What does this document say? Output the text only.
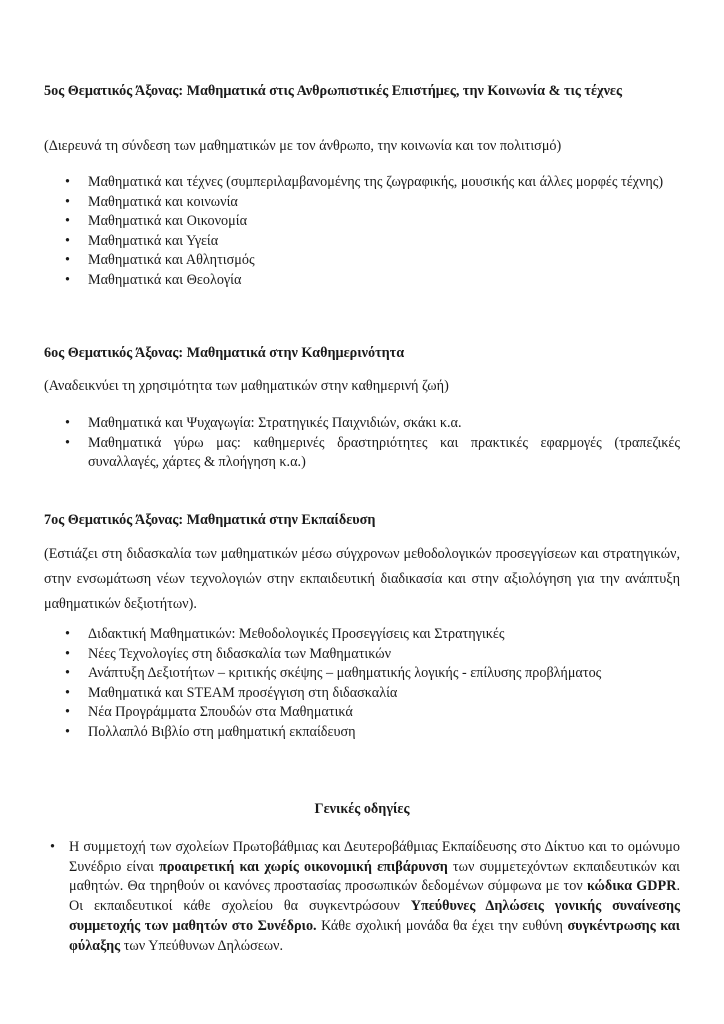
5ος Θεματικός Άξονας: Μαθηματικά στις Ανθρωπιστικές Επιστήμες, την Κοινωνία & τις τέχνες
(Διερευνά τη σύνδεση των μαθηματικών με τον άνθρωπο, την κοινωνία και τον πολιτισμό)
• Μαθηματικά και τέχνες (συμπεριλαμβανομένης της ζωγραφικής, μουσικής και άλλες μορφές τέχνης)
• Μαθηματικά και κοινωνία
• Μαθηματικά και Οικονομία
• Μαθηματικά και Υγεία
• Μαθηματικά και Αθλητισμός
• Μαθηματικά και Θεολογία
6ος Θεματικός Άξονας: Μαθηματικά στην Καθημερινότητα
(Αναδεικνύει τη χρησιμότητα των μαθηματικών στην καθημερινή ζωή)
• Μαθηματικά και Ψυχαγωγία: Στρατηγικές Παιχνιδιών, σκάκι κ.α.
• Μαθηματικά γύρω μας: καθημερινές δραστηριότητες και πρακτικές εφαρμογές (τραπεζικές συναλλαγές, χάρτες & πλοήγηση κ.α.)
7ος Θεματικός Άξονας: Μαθηματικά στην Εκπαίδευση
(Εστιάζει στη διδασκαλία των μαθηματικών μέσω σύγχρονων μεθοδολογικών προσεγγίσεων και στρατηγικών, στην ενσωμάτωση νέων τεχνολογιών στην εκπαιδευτική διαδικασία και στην αξιολόγηση για την ανάπτυξη μαθηματικών δεξιοτήτων).
• Διδακτική Μαθηματικών: Μεθοδολογικές Προσεγγίσεις και Στρατηγικές
• Νέες Τεχνολογίες στη διδασκαλία των Μαθηματικών
• Ανάπτυξη Δεξιοτήτων – κριτικής σκέψης – μαθηματικής λογικής - επίλυσης προβλήματος
• Μαθηματικά και STEAM προσέγγιση στη διδασκαλία
• Νέα Προγράμματα Σπουδών στα Μαθηματικά
• Πολλαπλό Βιβλίο στη μαθηματική εκπαίδευση
Γενικές οδηγίες
• Η συμμετοχή των σχολείων Πρωτοβάθμιας και Δευτεροβάθμιας Εκπαίδευσης στο Δίκτυο και το ομώνυμο Συνέδριο είναι προαιρετική και χωρίς οικονομική επιβάρυνση των συμμετεχόντων εκπαιδευτικών και μαθητών. Θα τηρηθούν οι κανόνες προστασίας προσωπικών δεδομένων σύμφωνα με τον κώδικα GDPR. Οι εκπαιδευτικοί κάθε σχολείου θα συγκεντρώσουν Υπεύθυνες Δηλώσεις γονικής συναίνεσης συμμετοχής των μαθητών στο Συνέδριο. Κάθε σχολική μονάδα θα έχει την ευθύνη συγκέντρωσης και φύλαξης των Υπεύθυνων Δηλώσεων.
